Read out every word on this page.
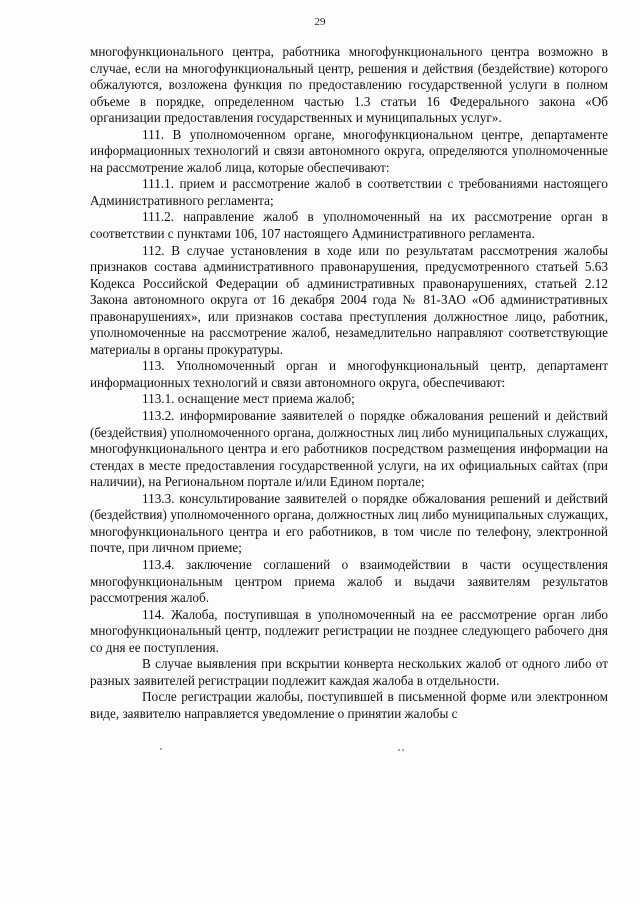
29

многофункционального центра, работника многофункционального центра возможно в случае, если на многофункциональный центр, решения и действия (бездействие) которого обжалуются, возложена функция по предоставлению государственной услуги в полном объеме в порядке, определенном частью 1.3 статьи 16 Федерального закона «Об организации предоставления государственных и муниципальных услуг».

111. В уполномоченном органе, многофункциональном центре, департаменте информационных технологий и связи автономного округа, определяются уполномоченные на рассмотрение жалоб лица, которые обеспечивают:

111.1. прием и рассмотрение жалоб в соответствии с требованиями настоящего Административного регламента;

111.2. направление жалоб в уполномоченный на их рассмотрение орган в соответствии с пунктами 106, 107 настоящего Административного регламента.

112. В случае установления в ходе или по результатам рассмотрения жалобы признаков состава административного правонарушения, предусмотренного статьей 5.63 Кодекса Российской Федерации об административных правонарушениях, статьей 2.12 Закона автономного округа от 16 декабря 2004 года № 81-ЗАО «Об административных правонарушениях», или признаков состава преступления должностное лицо, работник, уполномоченные на рассмотрение жалоб, незамедлительно направляют соответствующие материалы в органы прокуратуры.

113. Уполномоченный орган и многофункциональный центр, департамент информационных технологий и связи автономного округа, обеспечивают:

113.1. оснащение мест приема жалоб;

113.2. информирование заявителей о порядке обжалования решений и действий (бездействия) уполномоченного органа, должностных лиц либо муниципальных служащих, многофункционального центра и его работников посредством размещения информации на стендах в месте предоставления государственной услуги, на их официальных сайтах (при наличии), на Региональном портале и/или Едином портале;

113.3. консультирование заявителей о порядке обжалования решений и действий (бездействия) уполномоченного органа, должностных лиц либо муниципальных служащих, многофункционального центра и его работников, в том числе по телефону, электронной почте, при личном приеме;

113.4. заключение соглашений о взаимодействии в части осуществления многофункциональным центром приема жалоб и выдачи заявителям результатов рассмотрения жалоб.

114. Жалоба, поступившая в уполномоченный на ее рассмотрение орган либо многофункциональный центр, подлежит регистрации не позднее следующего рабочего дня со дня ее поступления.

В случае выявления при вскрытии конверта нескольких жалоб от одного либо от разных заявителей регистрации подлежит каждая жалоба в отдельности.

После регистрации жалобы, поступившей в письменной форме или электронном виде, заявителю направляется уведомление о принятии жалобы с
